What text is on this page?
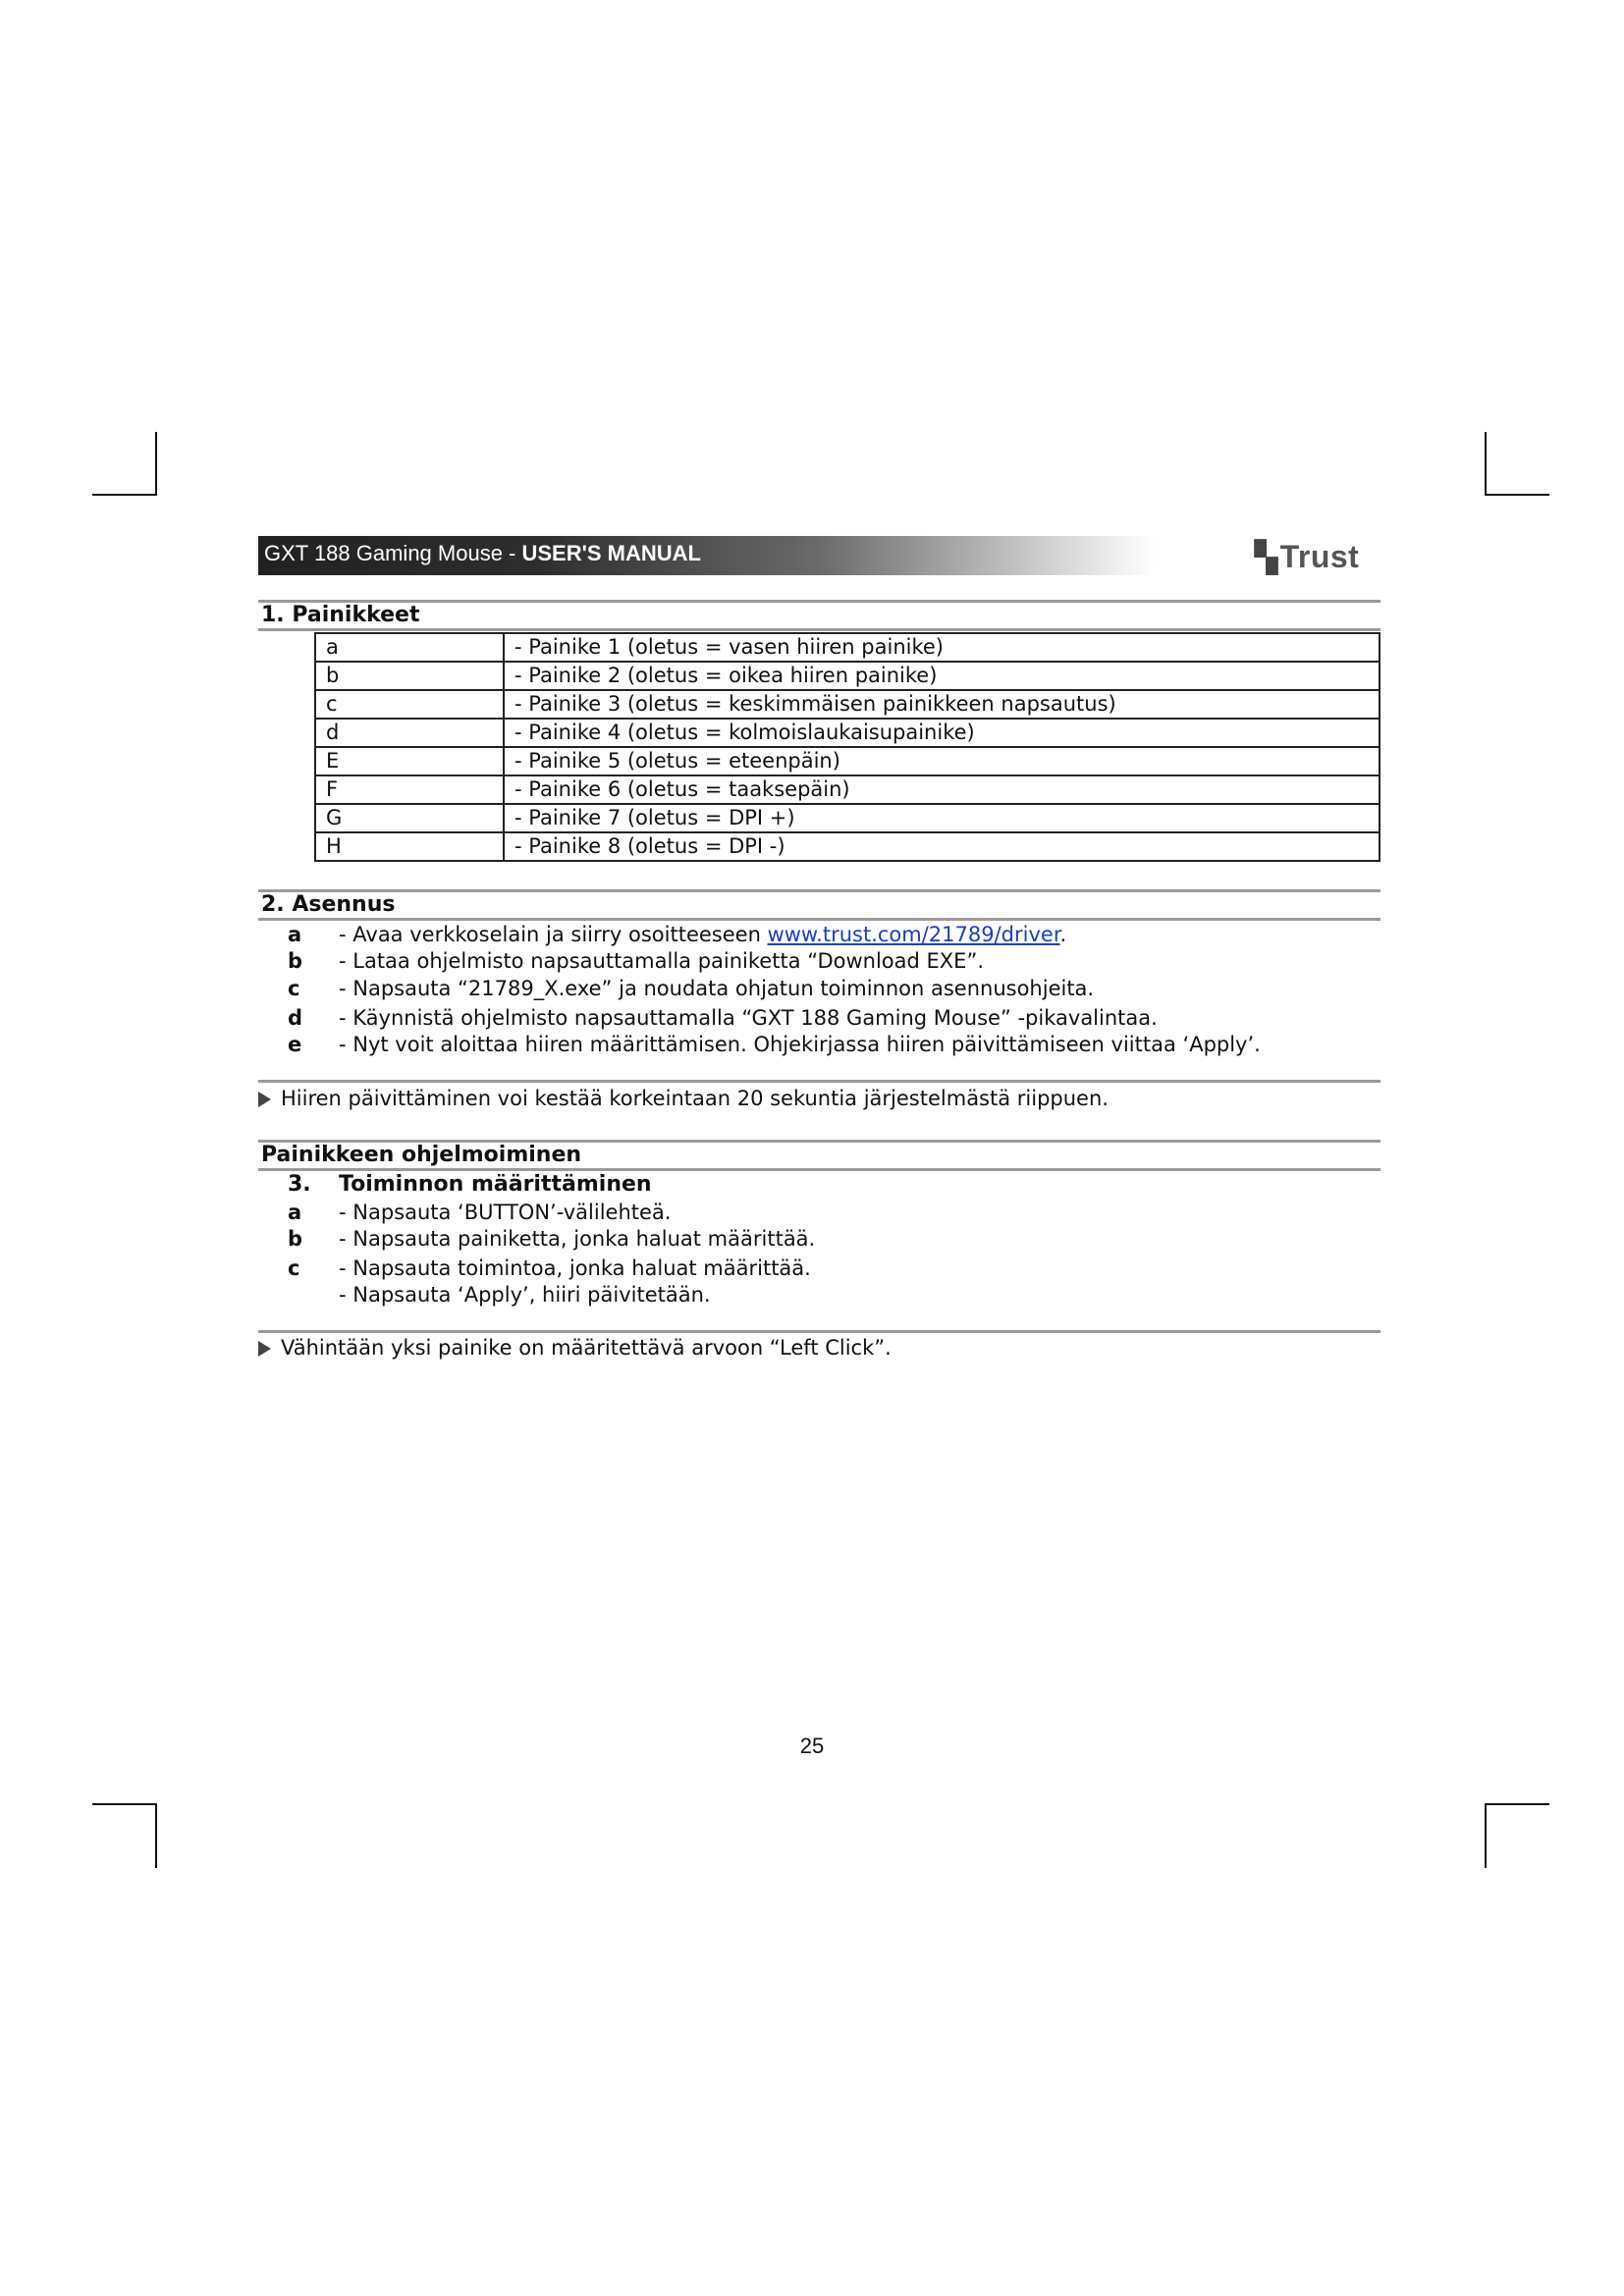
GXT 188 Gaming Mouse - USER'S MANUAL	▚Trust
1. Painikkeet
a	- Painike 1 (oletus = vasen hiiren painike)
b	- Painike 2 (oletus = oikea hiiren painike)
c	- Painike 3 (oletus = keskimmäisen painikkeen napsautus)
d	- Painike 4 (oletus = kolmoislaukaisupainike)
E	- Painike 5 (oletus = eteenpäin)
F	- Painike 6 (oletus = taaksepäin)
G	- Painike 7 (oletus = DPI +)
H	- Painike 8 (oletus = DPI -)
2. Asennus
a	- Avaa verkkoselain ja siirry osoitteeseen www.trust.com/21789/driver.
b	- Lataa ohjelmisto napsauttamalla painiketta “Download EXE”.
c	- Napsauta “21789_X.exe” ja noudata ohjatun toiminnon asennusohjeita.
d	- Käynnistä ohjelmisto napsauttamalla “GXT 188 Gaming Mouse” -pikavalintaa.
e	- Nyt voit aloittaa hiiren määrittämisen. Ohjekirjassa hiiren päivittämiseen viittaa ‘Apply’.
Hiiren päivittäminen voi kestää korkeintaan 20 sekuntia järjestelmästä riippuen.
Painikkeen ohjelmoiminen
3. Toiminnon määrittäminen
a	- Napsauta ‘BUTTON’-välilehteä.
b	- Napsauta painiketta, jonka haluat määrittää.
c	- Napsauta toimintoa, jonka haluat määrittää.
- Napsauta ‘Apply’, hiiri päivitetään.
Vähintään yksi painike on määritettävä arvoon “Left Click”.
25
